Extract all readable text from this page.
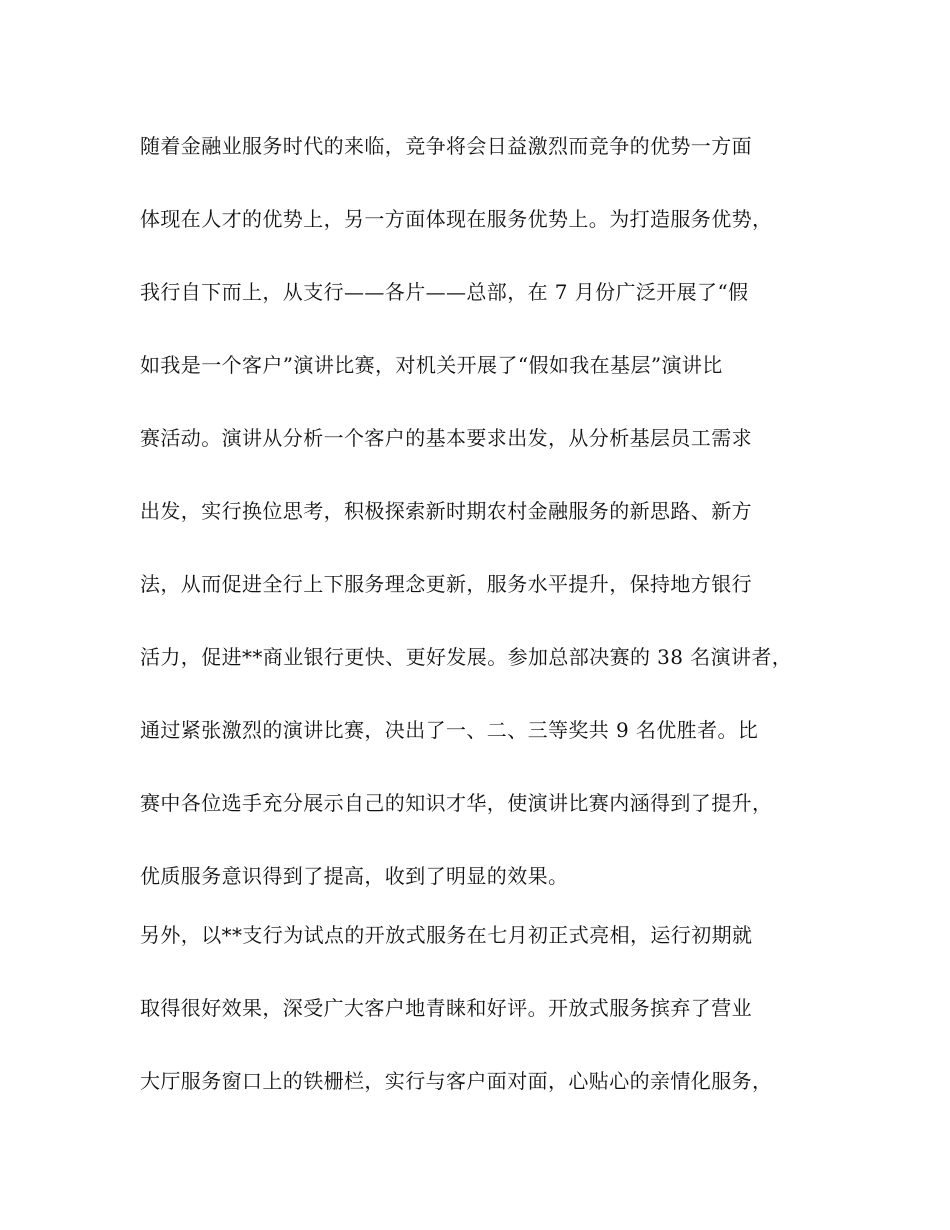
随着金融业服务时代的来临，竞争将会日益激烈而竞争的优势一方面
体现在人才的优势上，另一方面体现在服务优势上。为打造服务优势，
我行自下而上，从支行——各片——总部，在 7 月份广泛开展了“假
如我是一个客户”演讲比赛，对机关开展了“假如我在基层”演讲比
赛活动。演讲从分析一个客户的基本要求出发，从分析基层员工需求
出发，实行换位思考，积极探索新时期农村金融服务的新思路、新方
法，从而促进全行上下服务理念更新，服务水平提升，保持地方银行
活力，促进**商业银行更快、更好发展。参加总部决赛的 38 名演讲者，
通过紧张激烈的演讲比赛，决出了一、二、三等奖共 9 名优胜者。比
赛中各位选手充分展示自己的知识才华，使演讲比赛内涵得到了提升，
优质服务意识得到了提高，收到了明显的效果。
另外，以**支行为试点的开放式服务在七月初正式亮相，运行初期就
取得很好效果，深受广大客户地青睐和好评。开放式服务摈弃了营业
大厅服务窗口上的铁栅栏，实行与客户面对面，心贴心的亲情化服务，
